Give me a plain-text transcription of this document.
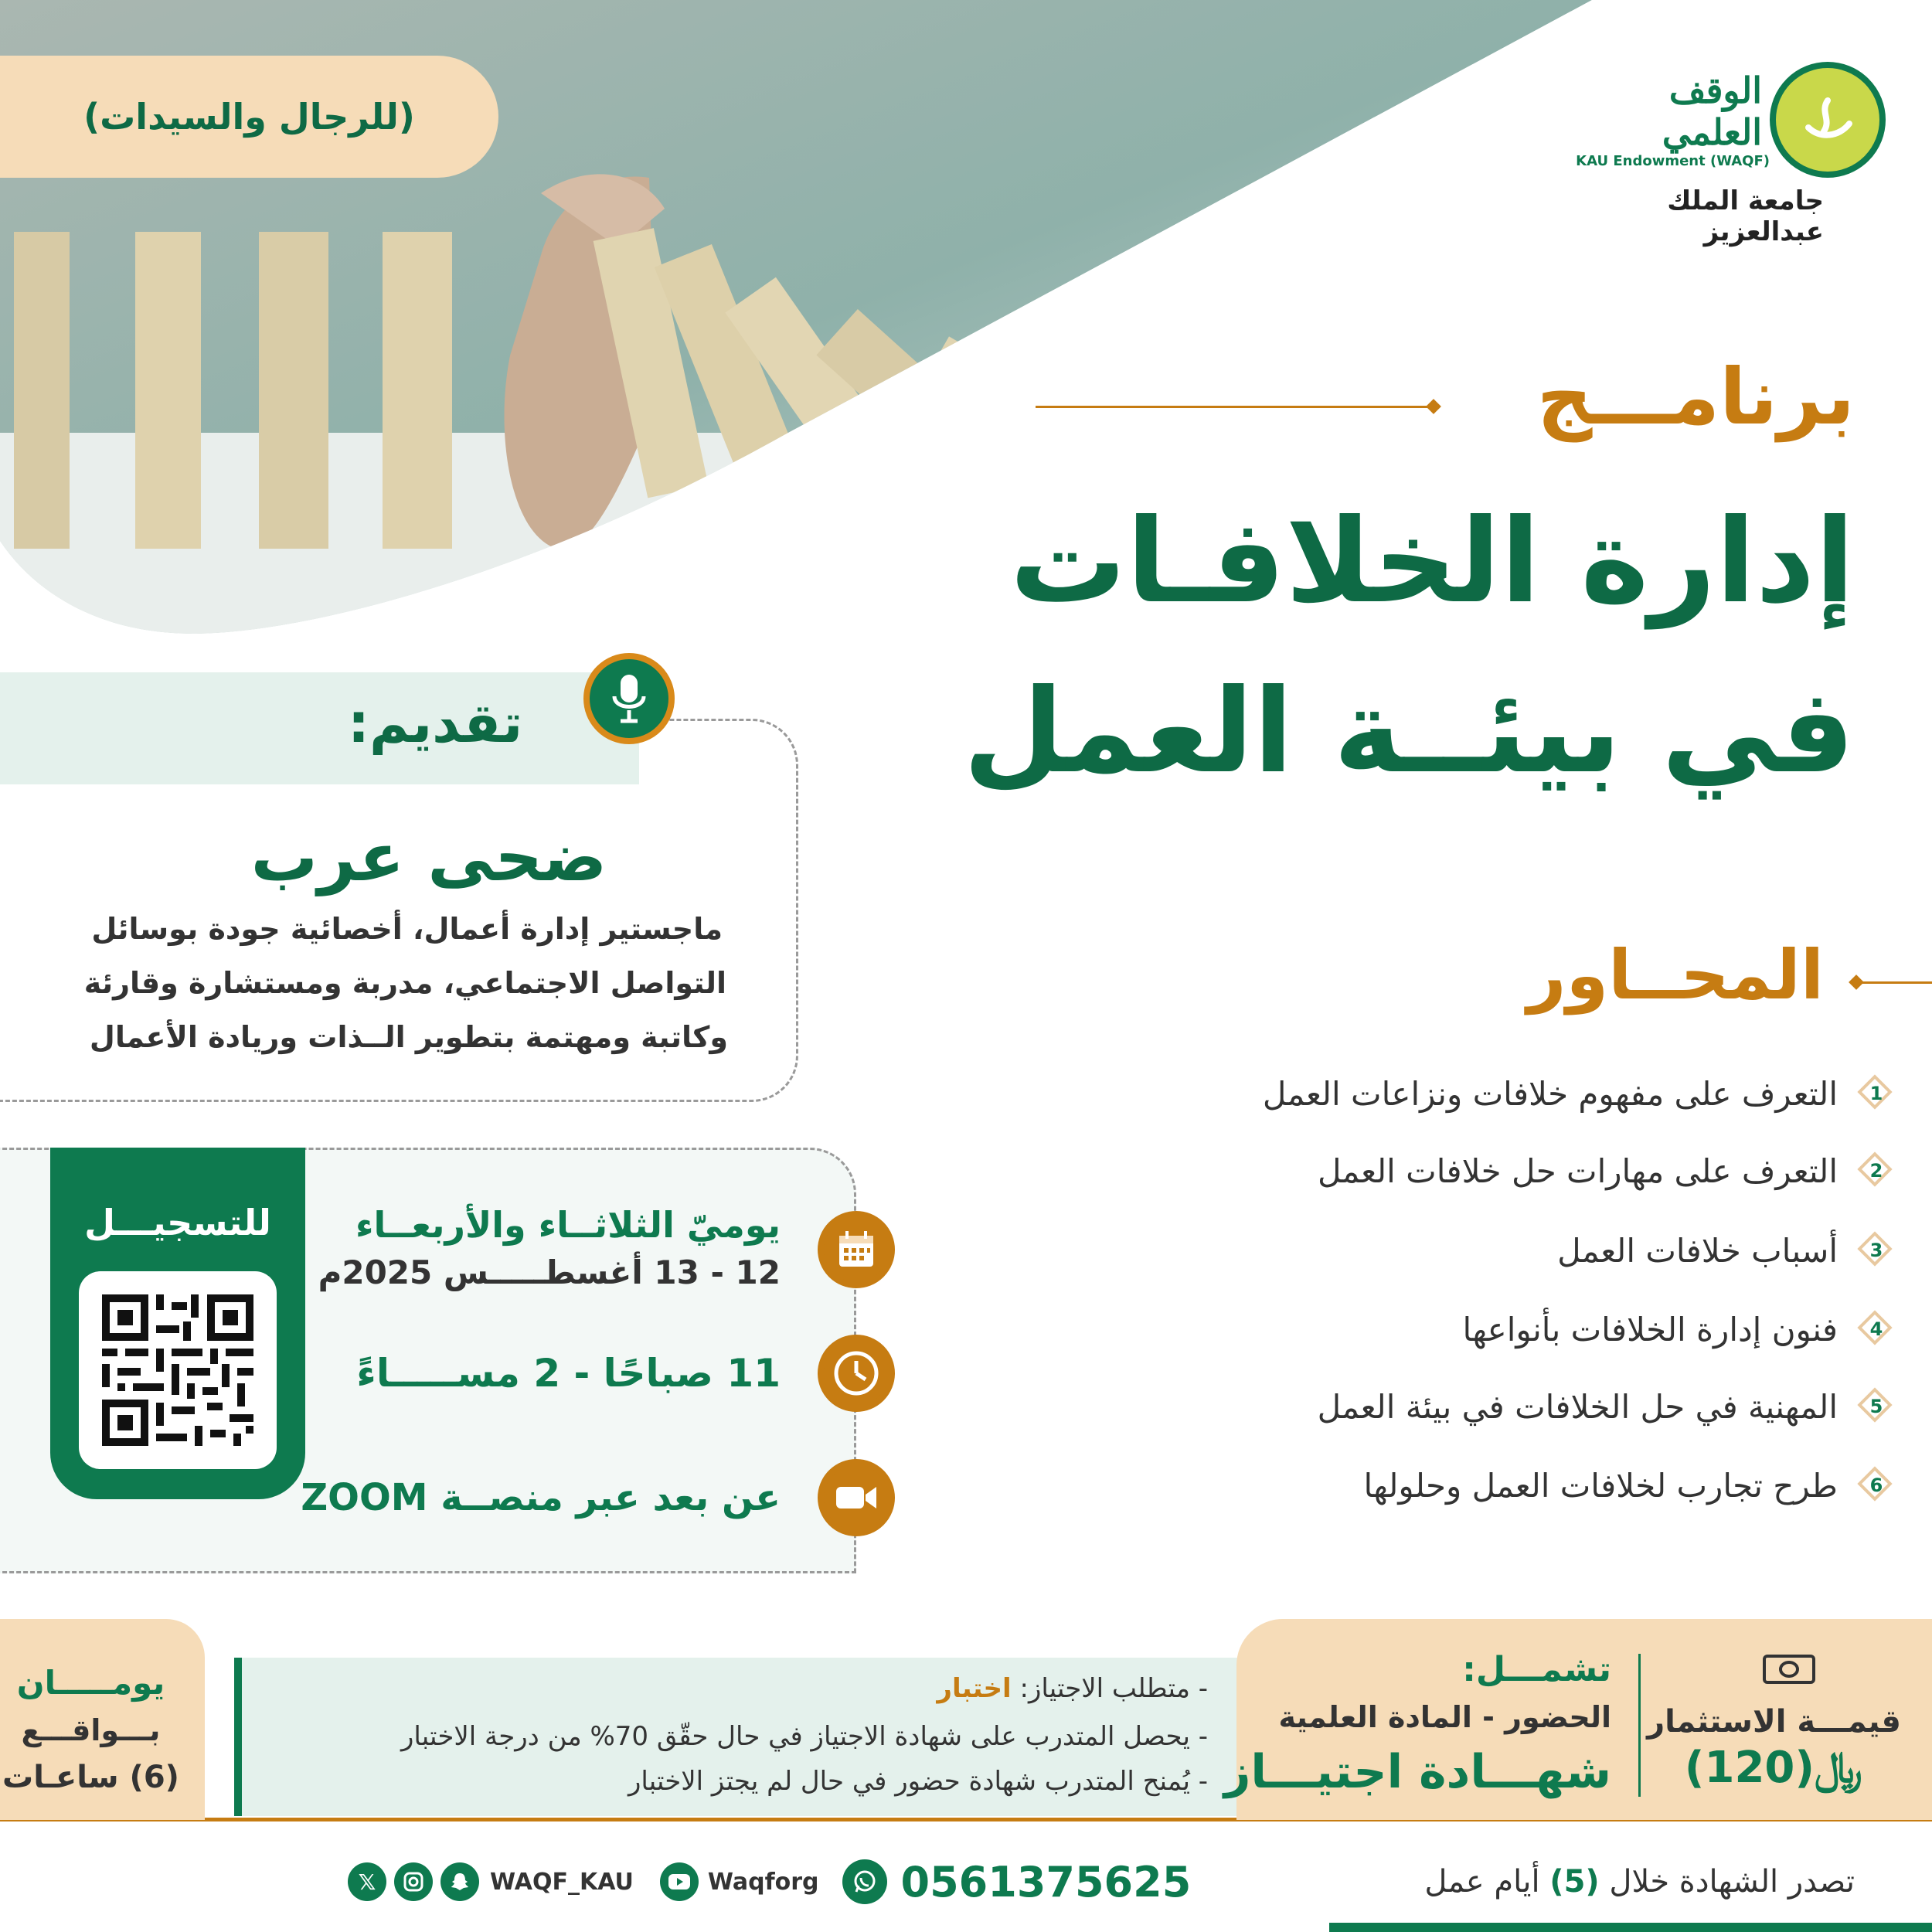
(للرجال والسيدات)
الوقف العلمي
KAU Endowment (WAQF)
جامعة الملك عبدالعزيز
برنامـــج
إدارة الخلافـات
في بيئــة العمل
تقديم:
ضحى عرب
ماجستير إدارة أعمال، أخصائية جودة بوسائل
التواصل الاجتماعي، مدربة ومستشارة وقارئة
وكاتبة ومهتمة بتطوير الــذات وريادة الأعمال
المحــاور
1
التعرف على مفهوم خلافات ونزاعات العمل
2
التعرف على مهارات حل خلافات العمل
3
أسباب خلافات العمل
4
فنون إدارة الخلافات بأنواعها
5
المهنية في حل الخلافات في بيئة العمل
6
طرح تجارب لخلافات العمل وحلولها
للتسجيـــل	يوميّ الثلاثــاء والأربعــاء
12 - 13 أغسطـــــس 2025م
11 صباحًا - 2 مســـــاءً
عن بعد عبر منصــة ZOOM
يومـــــان
بـــواقـــع
(6) ساعـات
- متطلب الاجتياز: اختبار
- يحصل المتدرب على شهادة الاجتياز في حال حقّق 70% من درجة الاختبار
- يُمنح المتدرب شهادة حضور في حال لم يجتز الاختبار
تشمـــل:
الحضور - المادة العلمية
شهـــادة اجتيـــاز
قيمـــة الاستثمار
﷼(120)
𝕏	WAQF_KAU	Waqforg 0561375625	تصدر الشهادة خلال (5) أيام عمل
